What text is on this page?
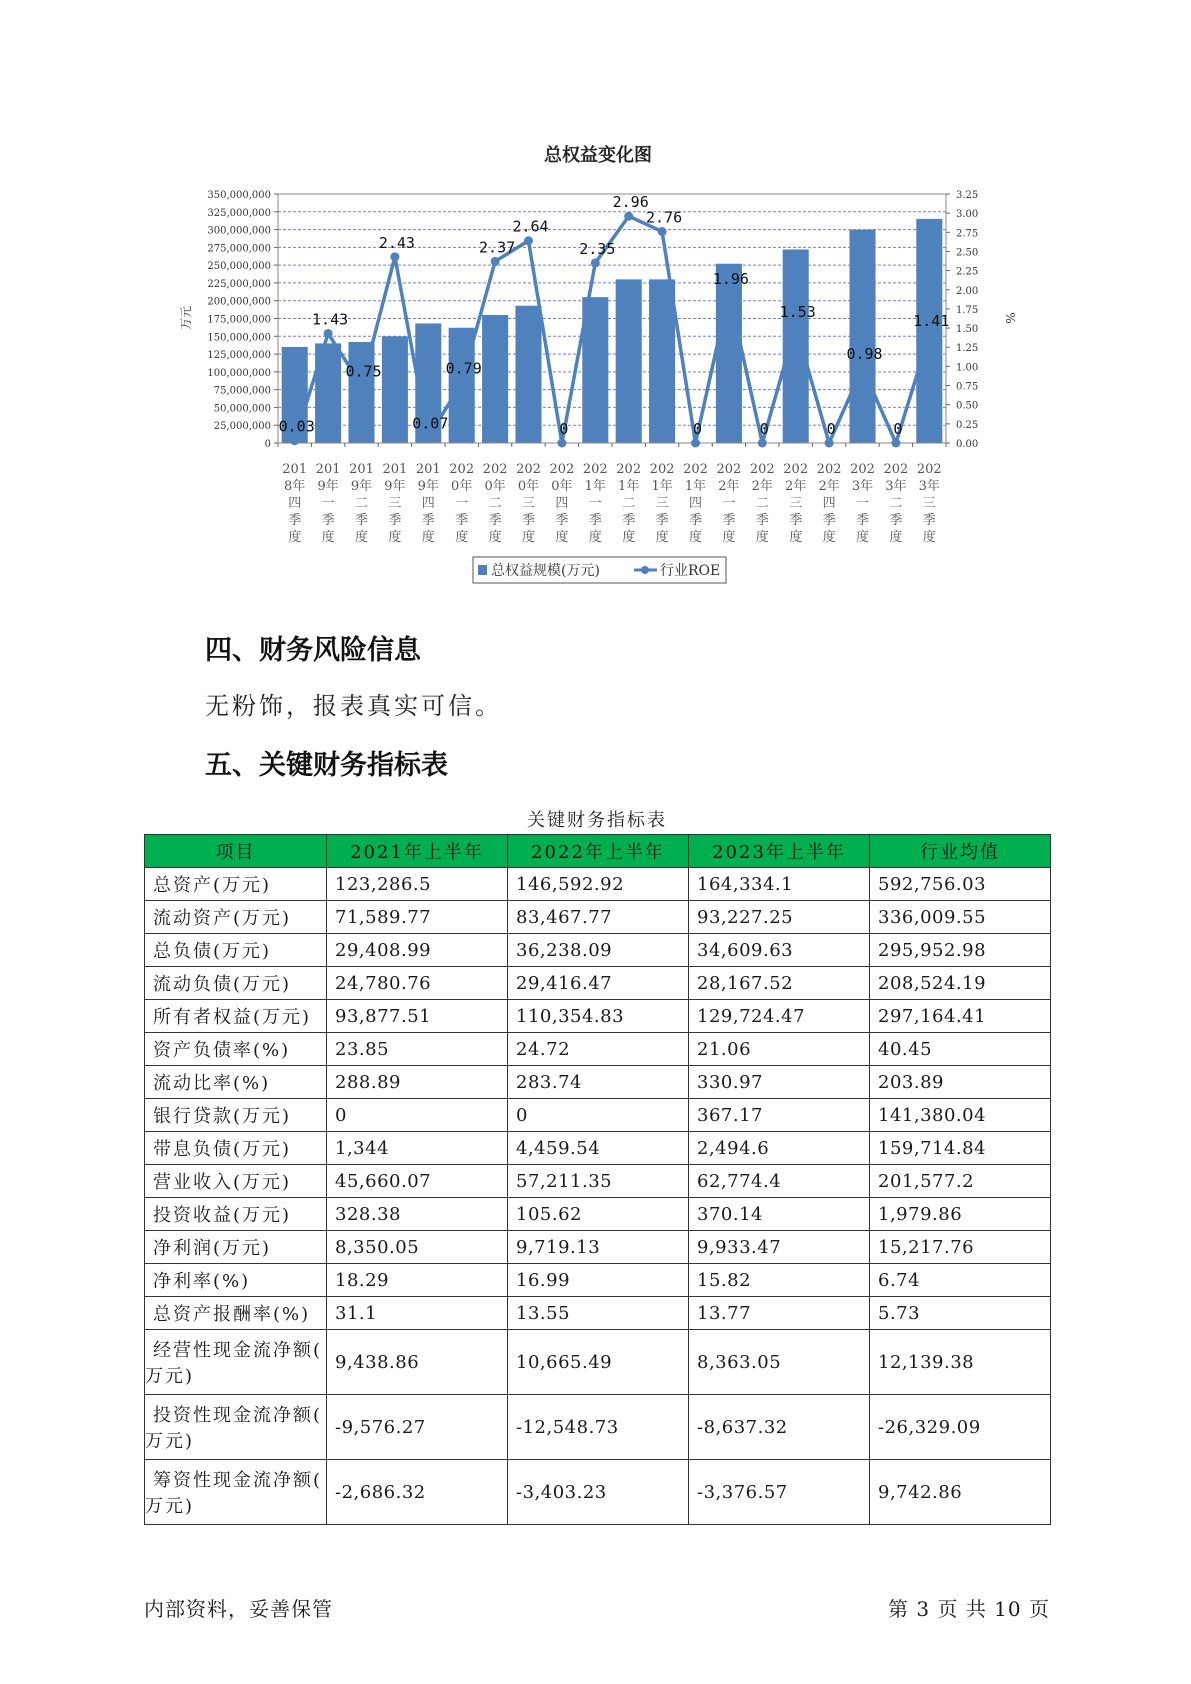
总权益变化图
0.03
1.43
0.75
2.43
0.07
0.79
2.37
2.64
0
2.35
2.96
2.76
0
1.96
0
1.53
0
0.98
0
1.41
0
25,000,000
50,000,000
75,000,000
100,000,000
125,000,000
150,000,000
175,000,000
200,000,000
225,000,000
250,000,000
275,000,000
300,000,000
325,000,000
350,000,000
0.00
0.25
0.50
0.75
1.00
1.25
1.50
1.75
2.00
2.25
2.50
2.75
3.00
3.25
201
8年
四
季
度
201
9年
一
季
度
201
9年
二
季
度
201
9年
三
季
度
201
9年
四
季
度
202
0年
一
季
度
202
0年
二
季
度
202
0年
三
季
度
202
0年
四
季
度
202
1年
一
季
度
202
1年
二
季
度
202
1年
三
季
度
202
1年
四
季
度
202
2年
一
季
度
202
2年
二
季
度
202
2年
三
季
度
202
2年
四
季
度
202
3年
一
季
度
202
3年
二
季
度
202
3年
三
季
度
万元	%
总权益规模(万元)	行业ROE
四、财务风险信息

无粉饰，报表真实可信。

五、关键财务指标表
关键财务指标表
项目	2021年上半年	2022年上半年	2023年上半年	行业均值
总资产(万元)	123,286.5	146,592.92	164,334.1	592,756.03
流动资产(万元)	71,589.77	83,467.77	93,227.25	336,009.55
总负债(万元)	29,408.99	36,238.09	34,609.63	295,952.98
流动负债(万元)	24,780.76	29,416.47	28,167.52	208,524.19
所有者权益(万元)	93,877.51	110,354.83	129,724.47	297,164.41
资产负债率(%)	23.85	24.72	21.06	40.45
流动比率(%)	288.89	283.74	330.97	203.89
银行贷款(万元)	0	0	367.17	141,380.04
带息负债(万元)	1,344	4,459.54	2,494.6	159,714.84
营业收入(万元)	45,660.07	57,211.35	62,774.4	201,577.2
投资收益(万元)	328.38	105.62	370.14	1,979.86
净利润(万元)	8,350.05	9,719.13	9,933.47	15,217.76
净利率(%)	18.29	16.99	15.82	6.74
总资产报酬率(%)	31.1	13.55	13.77	5.73

经营性现金流净额(
万元)	9,438.86	10,665.49	8,363.05	12,139.38

投资性现金流净额(
万元)	-9,576.27	-12,548.73	-8,637.32	-26,329.09

筹资性现金流净额(
万元)	-2,686.32	-3,403.23	-3,376.57	9,742.86
内部资料，妥善保管	第 3 页 共 10 页
